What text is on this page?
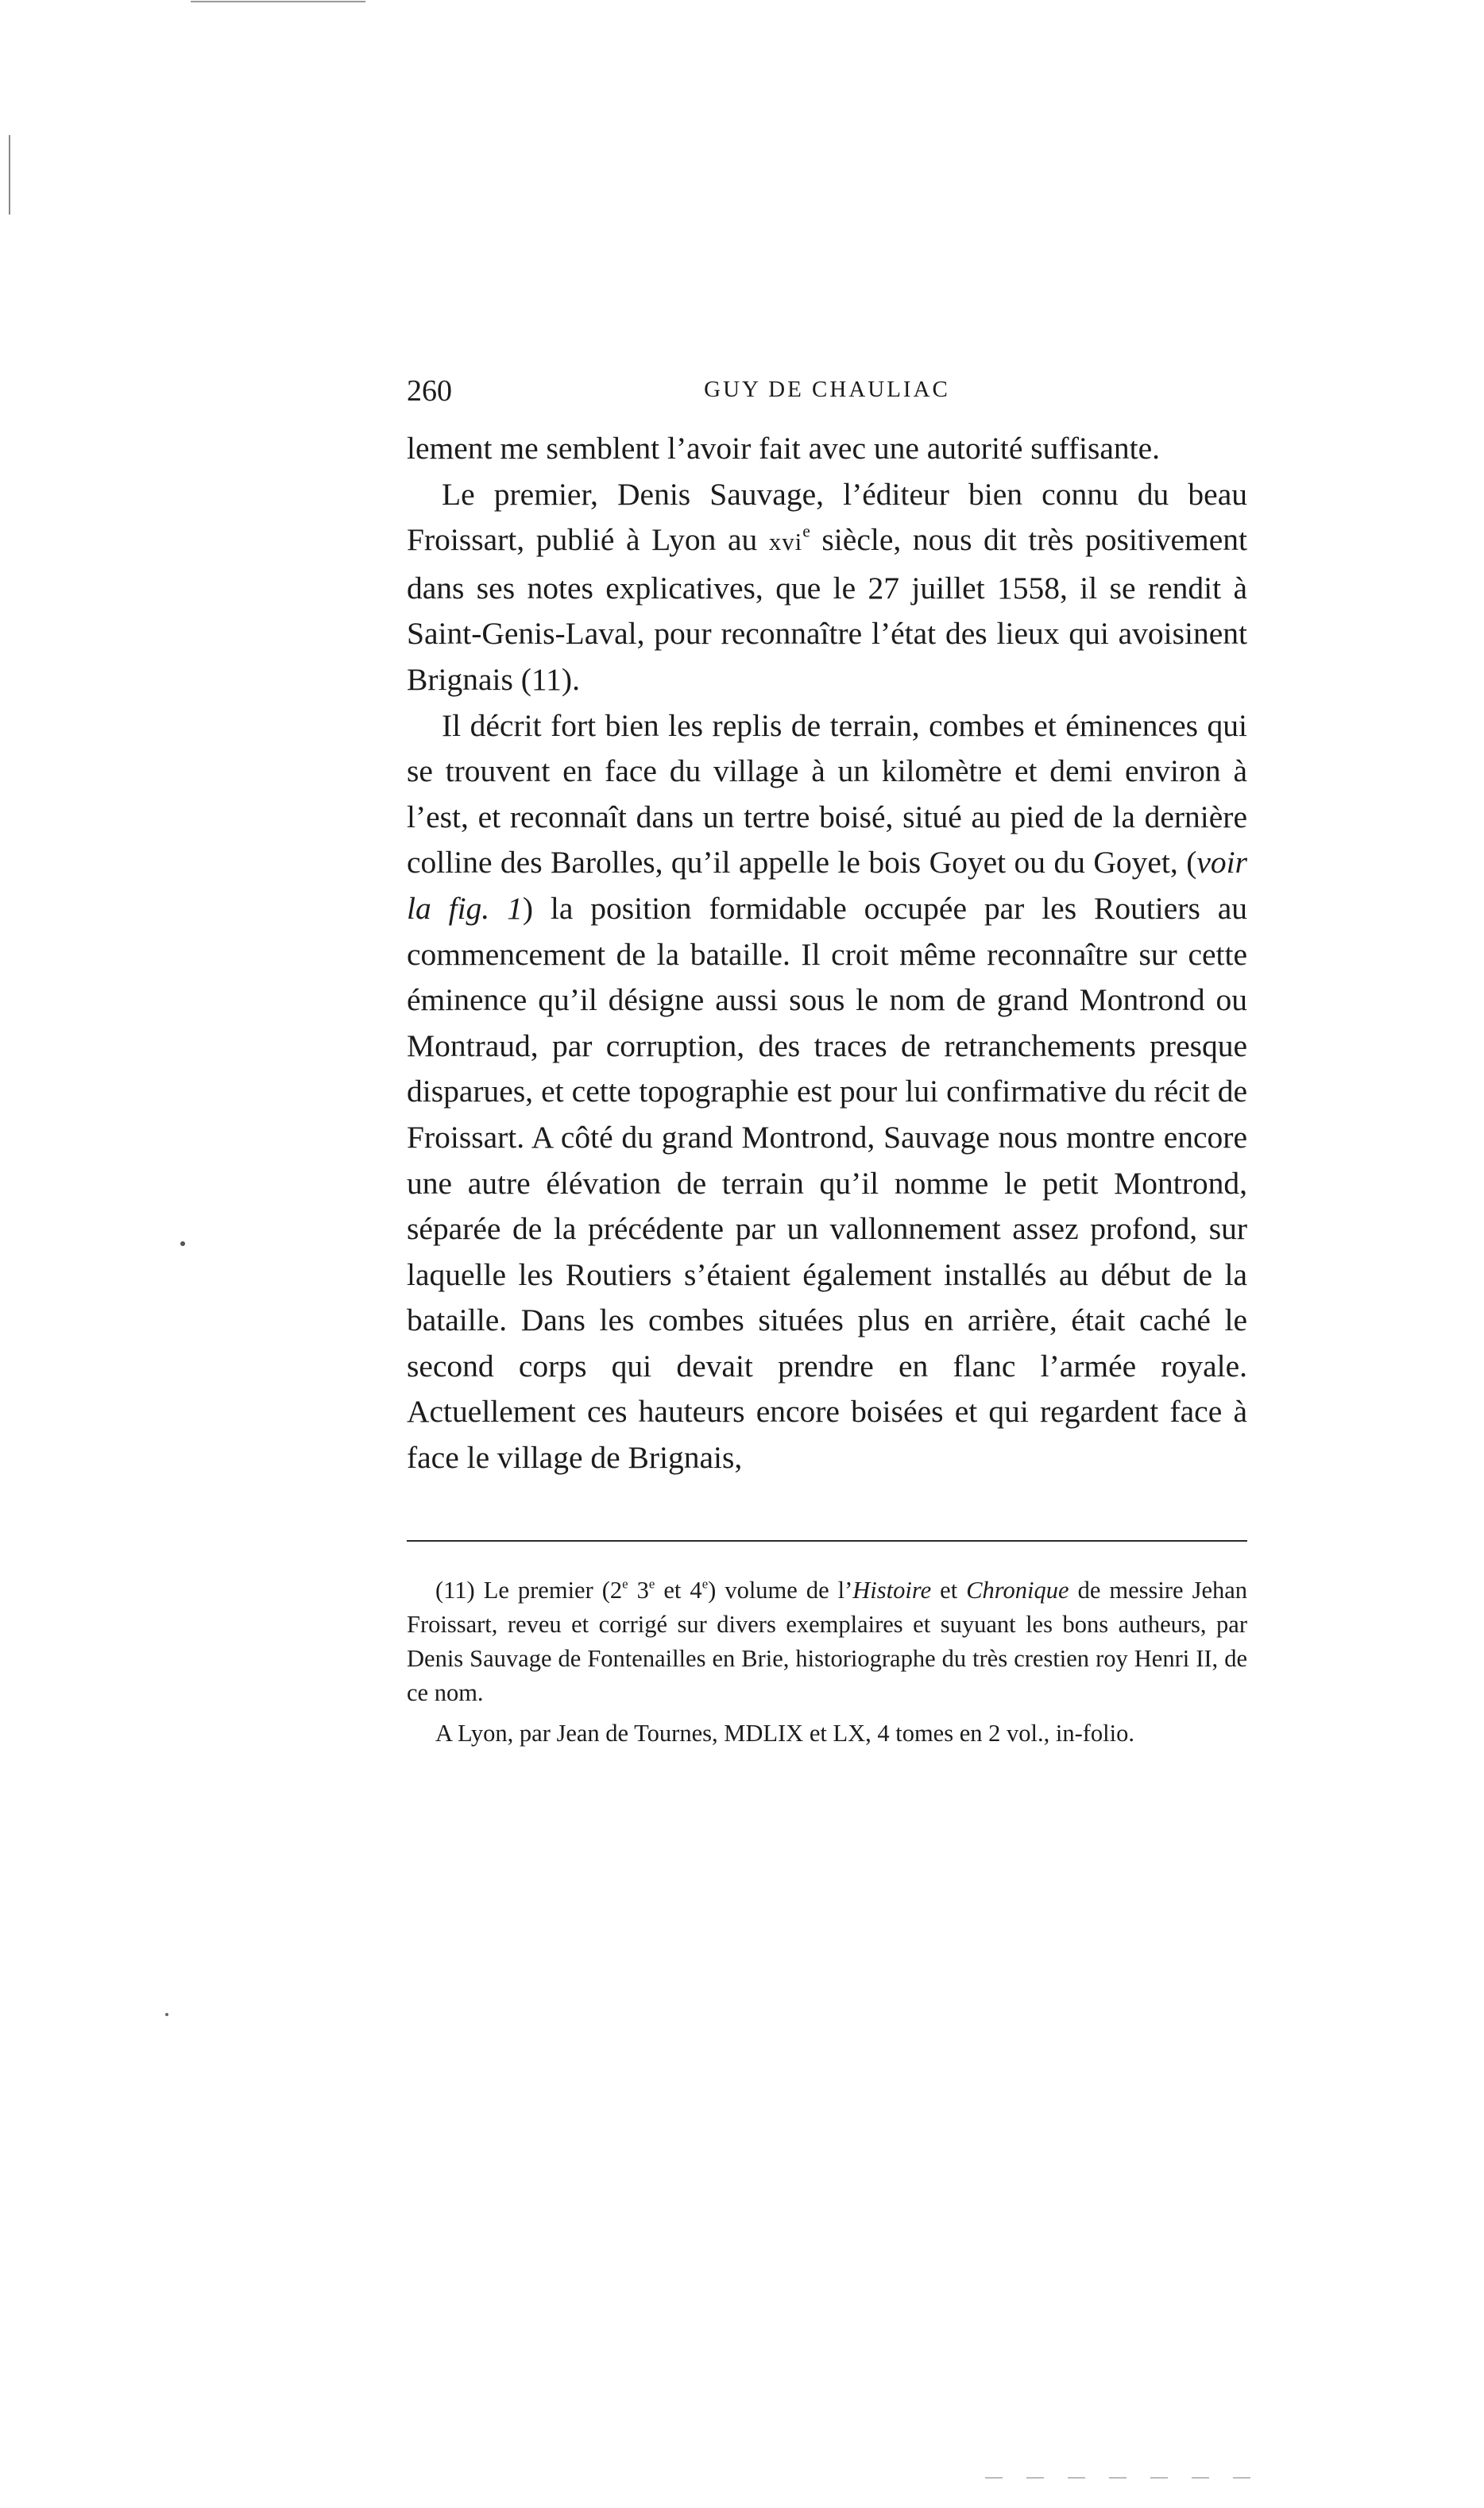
260	GUY DE CHAULIAC

lement me semblent l’avoir fait avec une autorité suffisante.

Le premier, Denis Sauvage, l’éditeur bien connu du beau Froissart, publié à Lyon au xvi$^e$ siècle, nous dit très positivement dans ses notes explicatives, que le 27 juillet 1558, il se rendit à Saint-Genis-Laval, pour reconnaître l’état des lieux qui avoisinent Brignais (11).

Il décrit fort bien les replis de terrain, combes et éminences qui se trouvent en face du village à un kilomètre et demi environ à l’est, et reconnaît dans un tertre boisé, situé au pied de la dernière colline des Barolles, qu’il appelle le bois Goyet ou du Goyet, (voir la fig. 1) la position formidable occupée par les Routiers au commencement de la bataille. Il croit même reconnaître sur cette éminence qu’il désigne aussi sous le nom de grand Montrond ou Montraud, par corruption, des traces de retranchements presque disparues, et cette topographie est pour lui confirmative du récit de Froissart. A côté du grand Montrond, Sauvage nous montre encore une autre élévation de terrain qu’il nomme le petit Montrond, séparée de la précédente par un vallonnement assez profond, sur laquelle les Routiers s’étaient également installés au début de la bataille. Dans les combes situées plus en arrière, était caché le second corps qui devait prendre en flanc l’armée royale. Actuellement ces hauteurs encore boisées et qui regardent face à face le village de Brignais,

(11) Le premier (2e 3e et 4e) volume de l’Histoire et Chronique de messire Jehan Froissart, reveu et corrigé sur divers exemplaires et suyuant les bons autheurs, par Denis Sauvage de Fontenailles en Brie, historiographe du très crestien roy Henri II, de ce nom.

A Lyon, par Jean de Tournes, MDLIX et LX, 4 tomes en 2 vol., in-folio.
